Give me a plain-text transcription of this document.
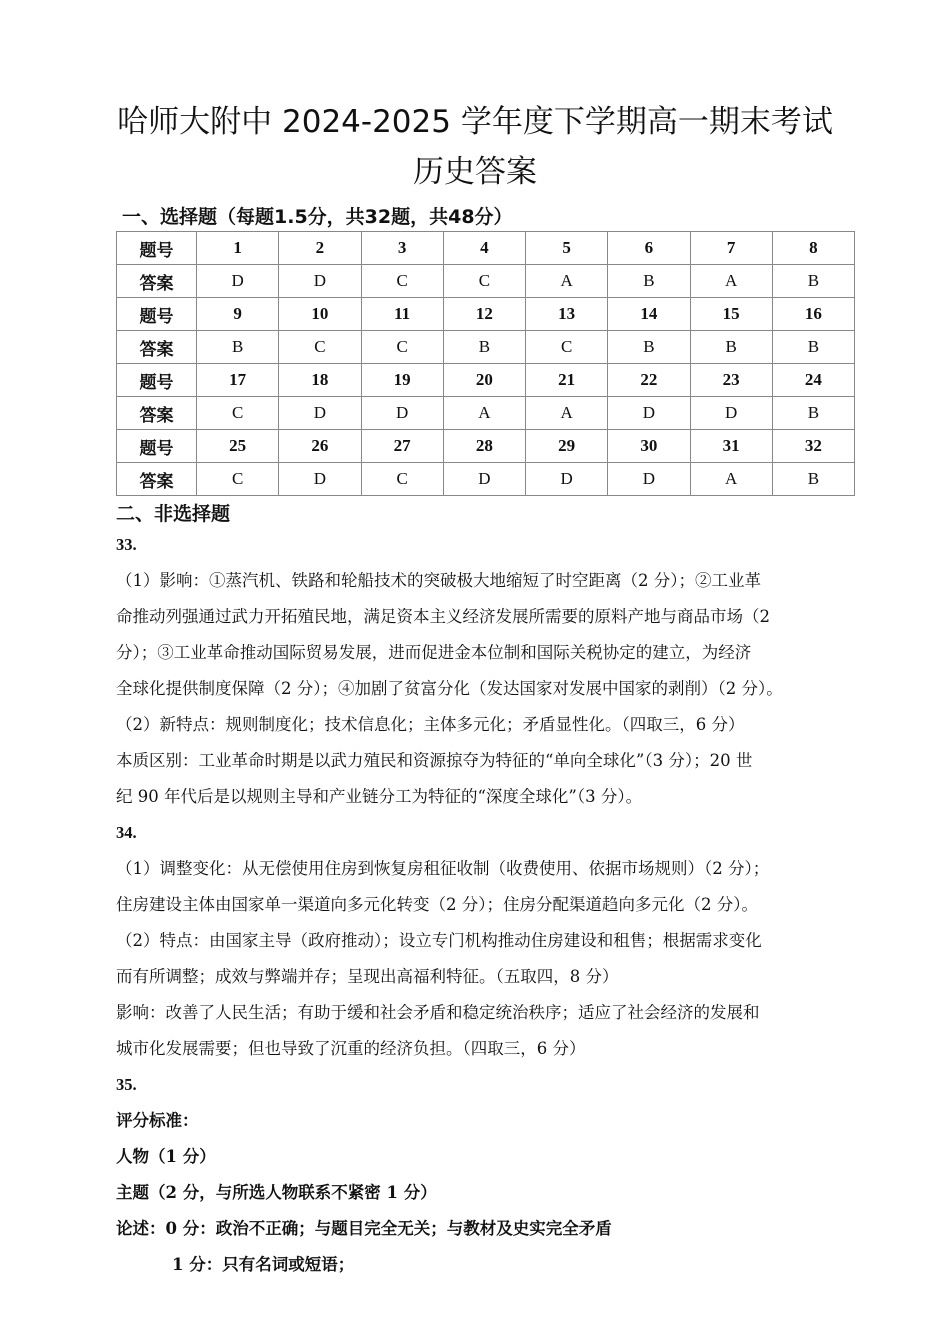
哈师大附中 2024-2025 学年度下学期高一期末考试
历史答案
一、选择题（每题1.5分，共32题，共48分）
题号	1	2	3	4	5	6	7	8
答案	D	D	C	C	A	B	A	B
题号	9	10	11	12	13	14	15	16
答案	B	C	C	B	C	B	B	B
题号	17	18	19	20	21	22	23	24
答案	C	D	D	A	A	D	D	B
题号	25	26	27	28	29	30	31	32
答案	C	D	C	D	D	D	A	B
二、非选择题

33.

（1）影响：①蒸汽机、铁路和轮船技术的突破极大地缩短了时空距离（2 分）；②工业革

命推动列强通过武力开拓殖民地，满足资本主义经济发展所需要的原料产地与商品市场（2

分）；③工业革命推动国际贸易发展，进而促进金本位制和国际关税协定的建立，为经济

全球化提供制度保障（2 分）；④加剧了贫富分化（发达国家对发展中国家的剥削）（2 分）。

（2）新特点：规则制度化；技术信息化；主体多元化；矛盾显性化。（四取三，6 分）

本质区别：工业革命时期是以武力殖民和资源掠夺为特征的“单向全球化”（3 分）；20 世

纪 90 年代后是以规则主导和产业链分工为特征的“深度全球化”（3 分）。

34.

（1）调整变化：从无偿使用住房到恢复房租征收制（收费使用、依据市场规则）（2 分）；

住房建设主体由国家单一渠道向多元化转变（2 分）；住房分配渠道趋向多元化（2 分）。

（2）特点：由国家主导（政府推动）；设立专门机构推动住房建设和租售；根据需求变化

而有所调整；成效与弊端并存；呈现出高福利特征。（五取四，8 分）

影响：改善了人民生活；有助于缓和社会矛盾和稳定统治秩序；适应了社会经济的发展和

城市化发展需要；但也导致了沉重的经济负担。（四取三，6 分）

35.

评分标准：

人物（1 分）

主题（2 分，与所选人物联系不紧密 1 分）

论述：0 分：政治不正确；与题目完全无关；与教材及史实完全矛盾

1 分：只有名词或短语；
